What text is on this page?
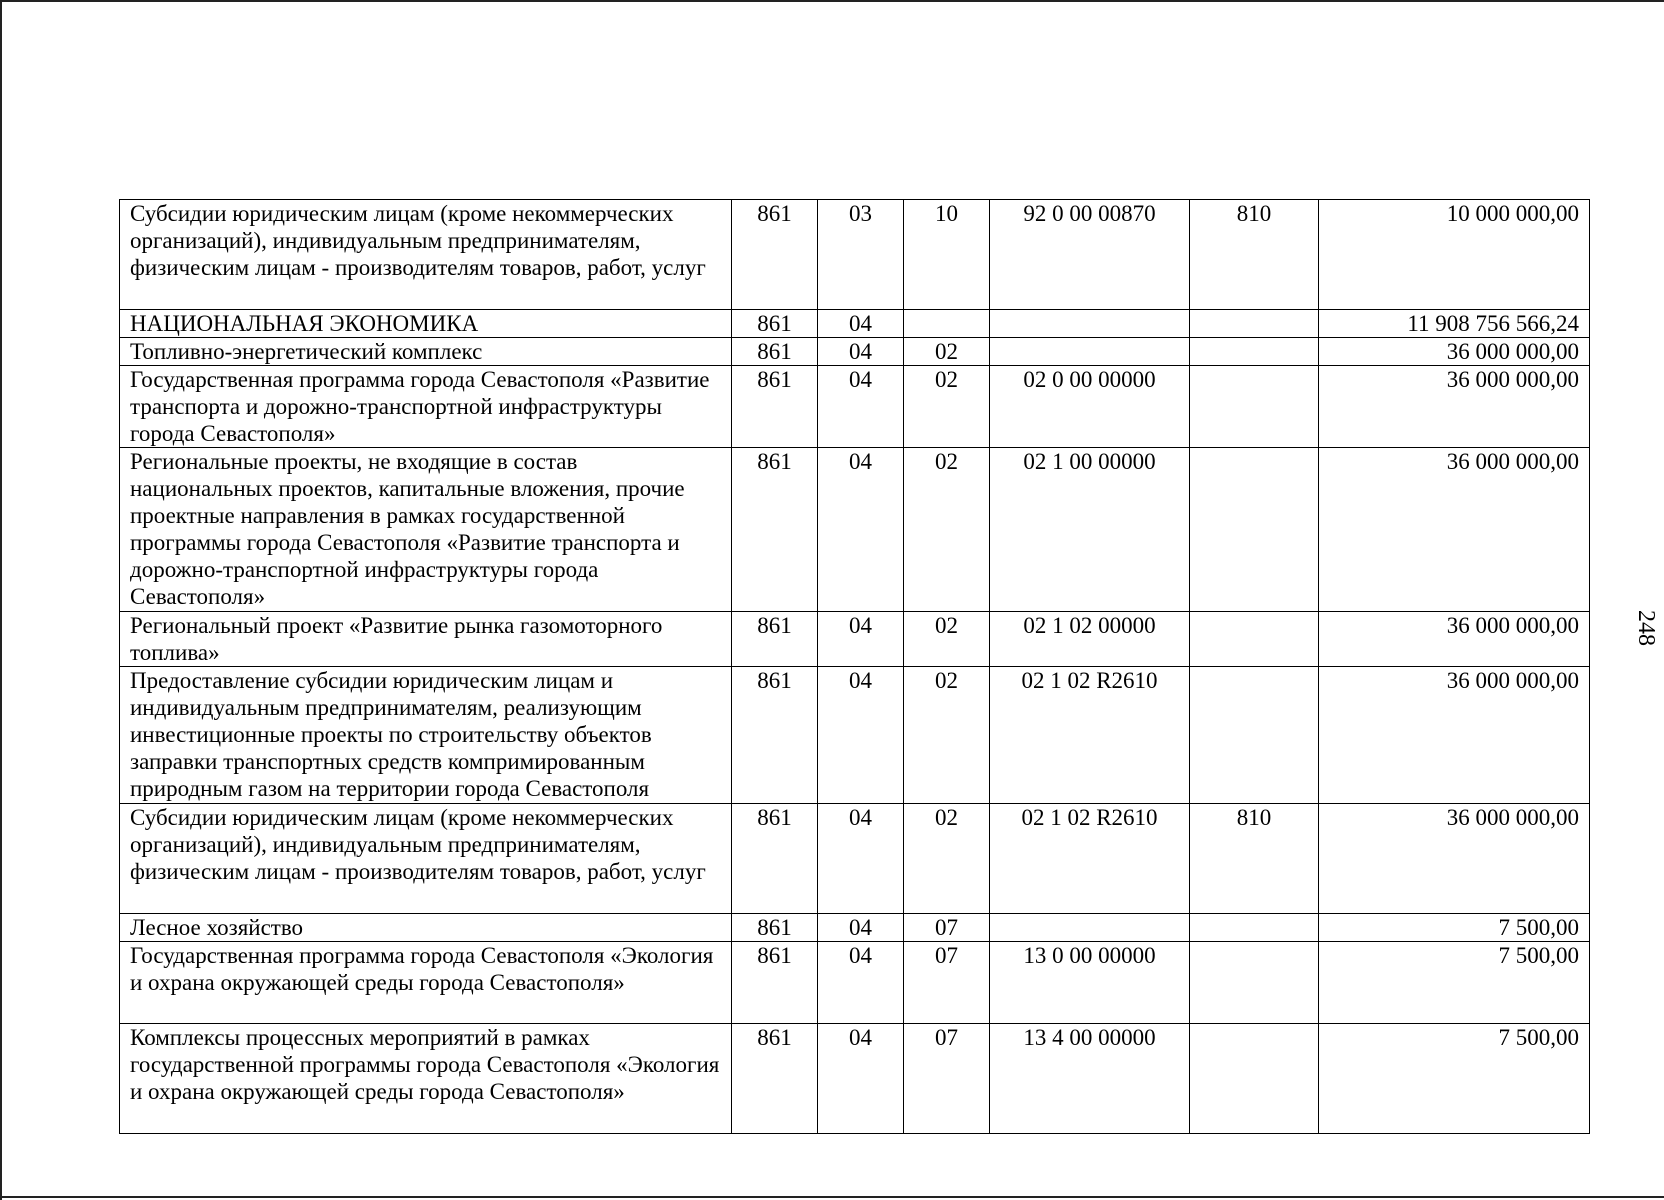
248
Субсидии юридическим лицам (кроме некоммерческих организаций), индивидуальным предпринимателям, физическим лицам - производителям товаров, работ, услуг	861	03	10	92 0 00 00870	810	10 000 000,00
НАЦИОНАЛЬНАЯ ЭКОНОМИКА	861	04				11 908 756 566,24
Топливно-энергетический комплекс	861	04	02			36 000 000,00
Государственная программа города Севастополя «Развитие транспорта и дорожно-транспортной инфраструктуры города Севастополя»	861	04	02	02 0 00 00000		36 000 000,00
Региональные проекты, не входящие в состав национальных проектов, капитальные вложения, прочие проектные направления в рамках государственной программы города Севастополя «Развитие транспорта и дорожно-транспортной инфраструктуры города Севастополя»	861	04	02	02 1 00 00000		36 000 000,00
Региональный проект «Развитие рынка газомоторного топлива»	861	04	02	02 1 02 00000		36 000 000,00
Предоставление субсидии юридическим лицам и индивидуальным предпринимателям, реализующим инвестиционные проекты по строительству объектов заправки транспортных средств компримированным природным газом на территории города Севастополя	861	04	02	02 1 02 R2610		36 000 000,00
Субсидии юридическим лицам (кроме некоммерческих организаций), индивидуальным предпринимателям, физическим лицам - производителям товаров, работ, услуг	861	04	02	02 1 02 R2610	810	36 000 000,00
Лесное хозяйство	861	04	07			7 500,00
Государственная программа города Севастополя «Экология и охрана окружающей среды города Севастополя»	861	04	07	13 0 00 00000		7 500,00
Комплексы процессных мероприятий в рамках государственной программы города Севастополя «Экология и охрана окружающей среды города Севастополя»	861	04	07	13 4 00 00000		7 500,00
